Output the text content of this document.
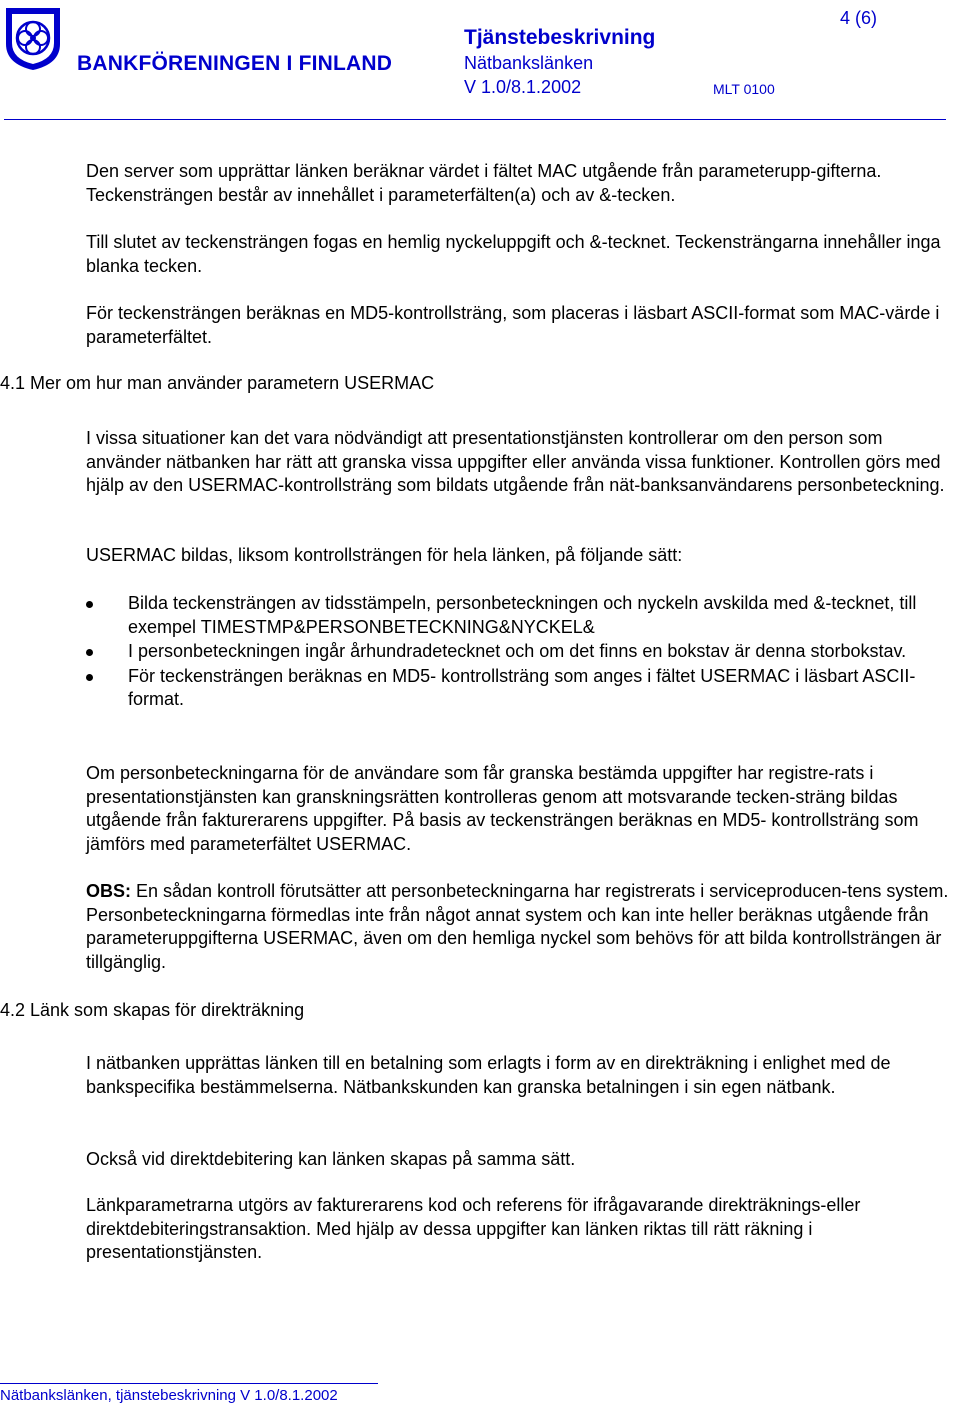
BANKFÖRENINGEN I FINLAND
Tjänstebeskrivning
Nätbankslänken
V 1.0/8.1.2002	MLT 0100
4 (6)

Den server som upprättar länken beräknar värdet i fältet MAC utgående från parameterupp-gifterna. Teckensträngen består av innehållet i parameterfälten(a) och av &-tecken.

Till slutet av teckensträngen fogas en hemlig nyckeluppgift och &-tecknet. Teckensträngarna innehåller inga blanka tecken.

För teckensträngen beräknas en MD5-kontrollsträng, som placeras i läsbart ASCII-format som MAC-värde i parameterfältet.

4.1 Mer om hur man använder parametern USERMAC

I vissa situationer kan det vara nödvändigt att presentationstjänsten kontrollerar om den person som använder nätbanken har rätt att granska vissa uppgifter eller använda vissa funktioner. Kontrollen görs med hjälp av den USERMAC-kontrollsträng som bildats utgående från nät-banksanvändarens personbeteckning.

USERMAC bildas, liksom kontrollsträngen för hela länken, på följande sätt:

Bilda teckensträngen av tidsstämpeln, personbeteckningen och nyckeln avskilda med &-tecknet, till exempel TIMESTMP&PERSONBETECKNING&NYCKEL&
I personbeteckningen ingår århundradetecknet och om det finns en bokstav är denna storbokstav.
För teckensträngen beräknas en MD5- kontrollsträng som anges i fältet USERMAC i läsbart ASCII-format.

Om personbeteckningarna för de användare som får granska bestämda uppgifter har registre-rats i presentationstjänsten kan granskningsrätten kontrolleras genom att motsvarande tecken-sträng bildas utgående från fakturerarens uppgifter. På basis av teckensträngen beräknas en MD5- kontrollsträng som jämförs med parameterfältet USERMAC.

OBS: En sådan kontroll förutsätter att personbeteckningarna har registrerats i serviceproducen-tens system. Personbeteckningarna förmedlas inte från något annat system och kan inte heller beräknas utgående från parameteruppgifterna USERMAC, även om den hemliga nyckel som behövs för att bilda kontrollsträngen är tillgänglig.

4.2 Länk som skapas för direkträkning

I nätbanken upprättas länken till en betalning som erlagts i form av en direkträkning i enlighet med de bankspecifika bestämmelserna. Nätbankskunden kan granska betalningen i sin egen nätbank.

Också vid direktdebitering kan länken skapas på samma sätt.

Länkparametrarna utgörs av fakturerarens kod och referens för ifrågavarande direkträknings-eller direktdebiteringstransaktion. Med hjälp av dessa uppgifter kan länken riktas till rätt räkning i presentationstjänsten.

Nätbankslänken, tjänstebeskrivning V 1.0/8.1.2002
